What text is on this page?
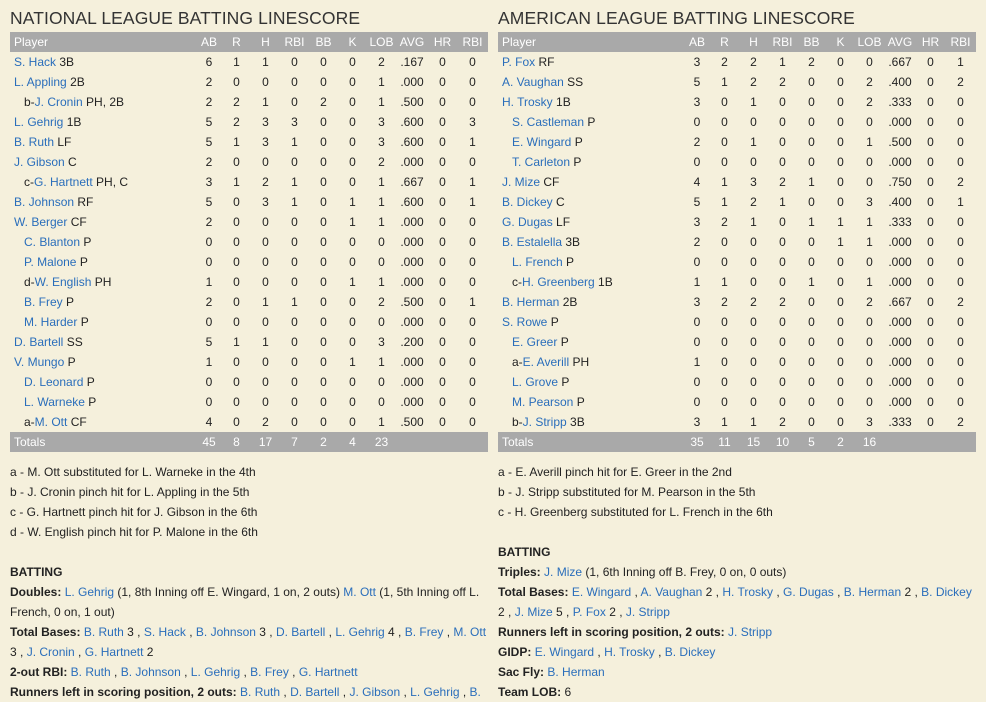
NATIONAL LEAGUE BATTING LINESCORE
Player	AB	R	H	RBI	BB	K	LOB	AVG	HR	RBI
S. Hack 3B	6	1	1	0	0	0	2	.167	0	0
L. Appling 2B	2	0	0	0	0	0	1	.000	0	0
b-J. Cronin PH, 2B	2	2	1	0	2	0	1	.500	0	0
L. Gehrig 1B	5	2	3	3	0	0	3	.600	0	3
B. Ruth LF	5	1	3	1	0	0	3	.600	0	1
J. Gibson C	2	0	0	0	0	0	2	.000	0	0
c-G. Hartnett PH, C	3	1	2	1	0	0	1	.667	0	1
B. Johnson RF	5	0	3	1	0	1	1	.600	0	1
W. Berger CF	2	0	0	0	0	1	1	.000	0	0
C. Blanton P	0	0	0	0	0	0	0	.000	0	0
P. Malone P	0	0	0	0	0	0	0	.000	0	0
d-W. English PH	1	0	0	0	0	1	1	.000	0	0
B. Frey P	2	0	1	1	0	0	2	.500	0	1
M. Harder P	0	0	0	0	0	0	0	.000	0	0
D. Bartell SS	5	1	1	0	0	0	3	.200	0	0
V. Mungo P	1	0	0	0	0	1	1	.000	0	0
D. Leonard P	0	0	0	0	0	0	0	.000	0	0
L. Warneke P	0	0	0	0	0	0	0	.000	0	0
a-M. Ott CF	4	0	2	0	0	0	1	.500	0	0
Totals	45	8	17	7	2	4	23			
a - M. Ott substituted for L. Warneke in the 4th
b - J. Cronin pinch hit for L. Appling in the 5th
c - G. Hartnett pinch hit for J. Gibson in the 6th
d - W. English pinch hit for P. Malone in the 6th
BATTING
Doubles: L. Gehrig (1, 8th Inning off E. Wingard, 1 on, 2 outs) M. Ott (1, 5th Inning off L. French, 0 on, 1 out)
Total Bases: B. Ruth 3 , S. Hack , B. Johnson 3 , D. Bartell , L. Gehrig 4 , B. Frey , M. Ott 3 , J. Cronin , G. Hartnett 2
2-out RBI: B. Ruth , B. Johnson , L. Gehrig , B. Frey , G. Hartnett
Runners left in scoring position, 2 outs: B. Ruth , D. Bartell , J. Gibson , L. Gehrig , B.
AMERICAN LEAGUE BATTING LINESCORE
Player	AB	R	H	RBI	BB	K	LOB	AVG	HR	RBI
P. Fox RF	3	2	2	1	2	0	0	.667	0	1
A. Vaughan SS	5	1	2	2	0	0	2	.400	0	2
H. Trosky 1B	3	0	1	0	0	0	2	.333	0	0
S. Castleman P	0	0	0	0	0	0	0	.000	0	0
E. Wingard P	2	0	1	0	0	0	1	.500	0	0
T. Carleton P	0	0	0	0	0	0	0	.000	0	0
J. Mize CF	4	1	3	2	1	0	0	.750	0	2
B. Dickey C	5	1	2	1	0	0	3	.400	0	1
G. Dugas LF	3	2	1	0	1	1	1	.333	0	0
B. Estalella 3B	2	0	0	0	0	1	1	.000	0	0
L. French P	0	0	0	0	0	0	0	.000	0	0
c-H. Greenberg 1B	1	1	0	0	1	0	1	.000	0	0
B. Herman 2B	3	2	2	2	0	0	2	.667	0	2
S. Rowe P	0	0	0	0	0	0	0	.000	0	0
E. Greer P	0	0	0	0	0	0	0	.000	0	0
a-E. Averill PH	1	0	0	0	0	0	0	.000	0	0
L. Grove P	0	0	0	0	0	0	0	.000	0	0
M. Pearson P	0	0	0	0	0	0	0	.000	0	0
b-J. Stripp 3B	3	1	1	2	0	0	3	.333	0	2
Totals	35	11	15	10	5	2	16			
a - E. Averill pinch hit for E. Greer in the 2nd
b - J. Stripp substituted for M. Pearson in the 5th
c - H. Greenberg substituted for L. French in the 6th
BATTING
Triples: J. Mize (1, 6th Inning off B. Frey, 0 on, 0 outs)
Total Bases: E. Wingard , A. Vaughan 2 , H. Trosky , G. Dugas , B. Herman 2 , B. Dickey 2 , J. Mize 5 , P. Fox 2 , J. Stripp
Runners left in scoring position, 2 outs: J. Stripp
GIDP: E. Wingard , H. Trosky , B. Dickey
Sac Fly: B. Herman
Team LOB: 6
